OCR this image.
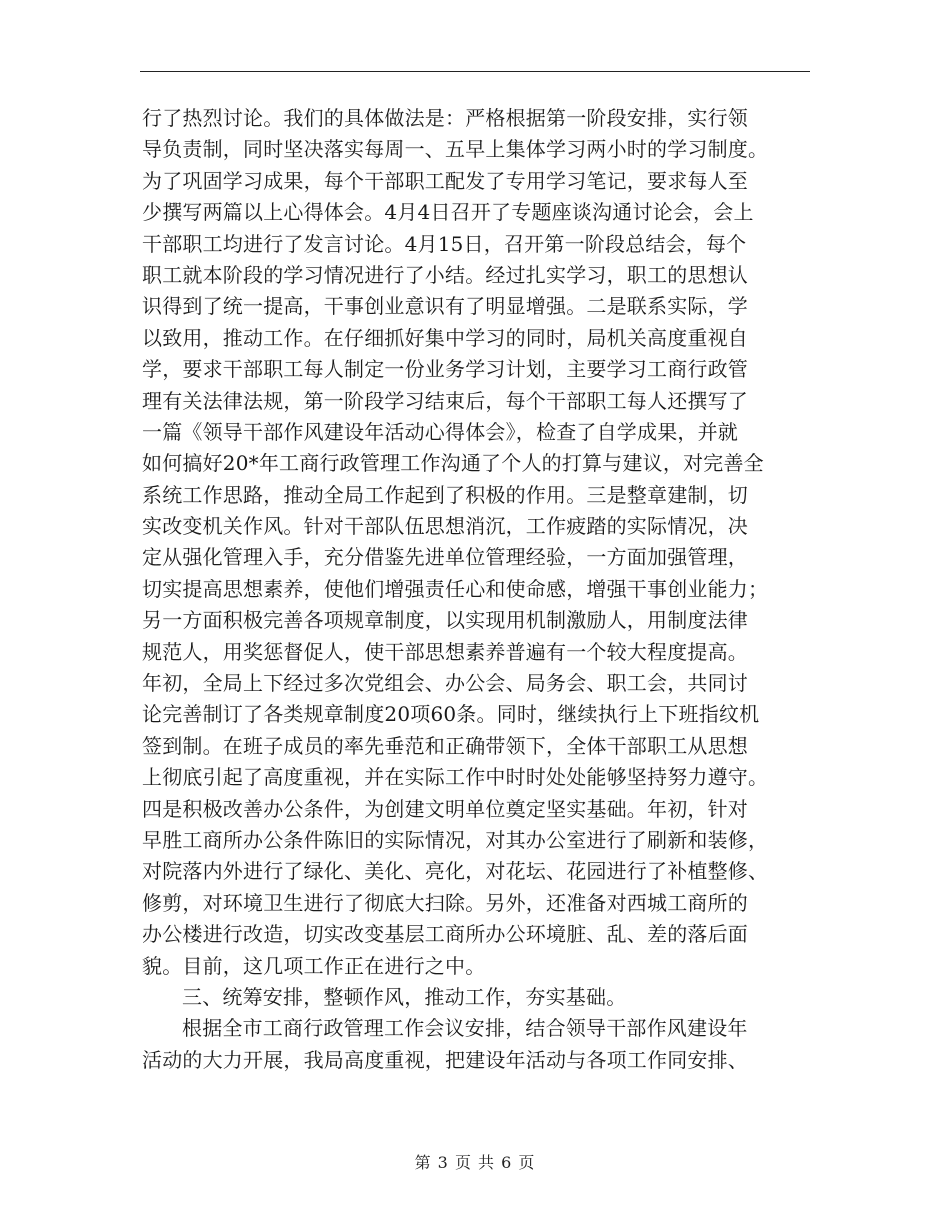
行了热烈讨论。我们的具体做法是：严格根据第一阶段安排，实行领
导负责制，同时坚决落实每周一、五早上集体学习两小时的学习制度。
为了巩固学习成果，每个干部职工配发了专用学习笔记，要求每人至
少撰写两篇以上心得体会。4月4日召开了专题座谈沟通讨论会，会上
干部职工均进行了发言讨论。4月15日，召开第一阶段总结会，每个
职工就本阶段的学习情况进行了小结。经过扎实学习，职工的思想认
识得到了统一提高，干事创业意识有了明显增强。二是联系实际，学
以致用，推动工作。在仔细抓好集中学习的同时，局机关高度重视自
学，要求干部职工每人制定一份业务学习计划，主要学习工商行政管
理有关法律法规，第一阶段学习结束后，每个干部职工每人还撰写了
一篇《领导干部作风建设年活动心得体会》，检查了自学成果，并就
如何搞好20*年工商行政管理工作沟通了个人的打算与建议，对完善全
系统工作思路，推动全局工作起到了积极的作用。三是整章建制，切
实改变机关作风。针对干部队伍思想消沉，工作疲踏的实际情况，决
定从强化管理入手，充分借鉴先进单位管理经验，一方面加强管理，
切实提高思想素养，使他们增强责任心和使命感，增强干事创业能力；
另一方面积极完善各项规章制度，以实现用机制激励人，用制度法律
规范人，用奖惩督促人，使干部思想素养普遍有一个较大程度提高。
年初，全局上下经过多次党组会、办公会、局务会、职工会，共同讨
论完善制订了各类规章制度20项60条。同时，继续执行上下班指纹机
签到制。在班子成员的率先垂范和正确带领下，全体干部职工从思想
上彻底引起了高度重视，并在实际工作中时时处处能够坚持努力遵守。
四是积极改善办公条件，为创建文明单位奠定坚实基础。年初，针对
早胜工商所办公条件陈旧的实际情况，对其办公室进行了刷新和装修，
对院落内外进行了绿化、美化、亮化，对花坛、花园进行了补植整修、
修剪，对环境卫生进行了彻底大扫除。另外，还准备对西城工商所的
办公楼进行改造，切实改变基层工商所办公环境脏、乱、差的落后面
貌。目前，这几项工作正在进行之中。
三、统筹安排，整顿作风，推动工作，夯实基础。
根据全市工商行政管理工作会议安排，结合领导干部作风建设年
活动的大力开展，我局高度重视，把建设年活动与各项工作同安排、
第 3 页 共 6 页
